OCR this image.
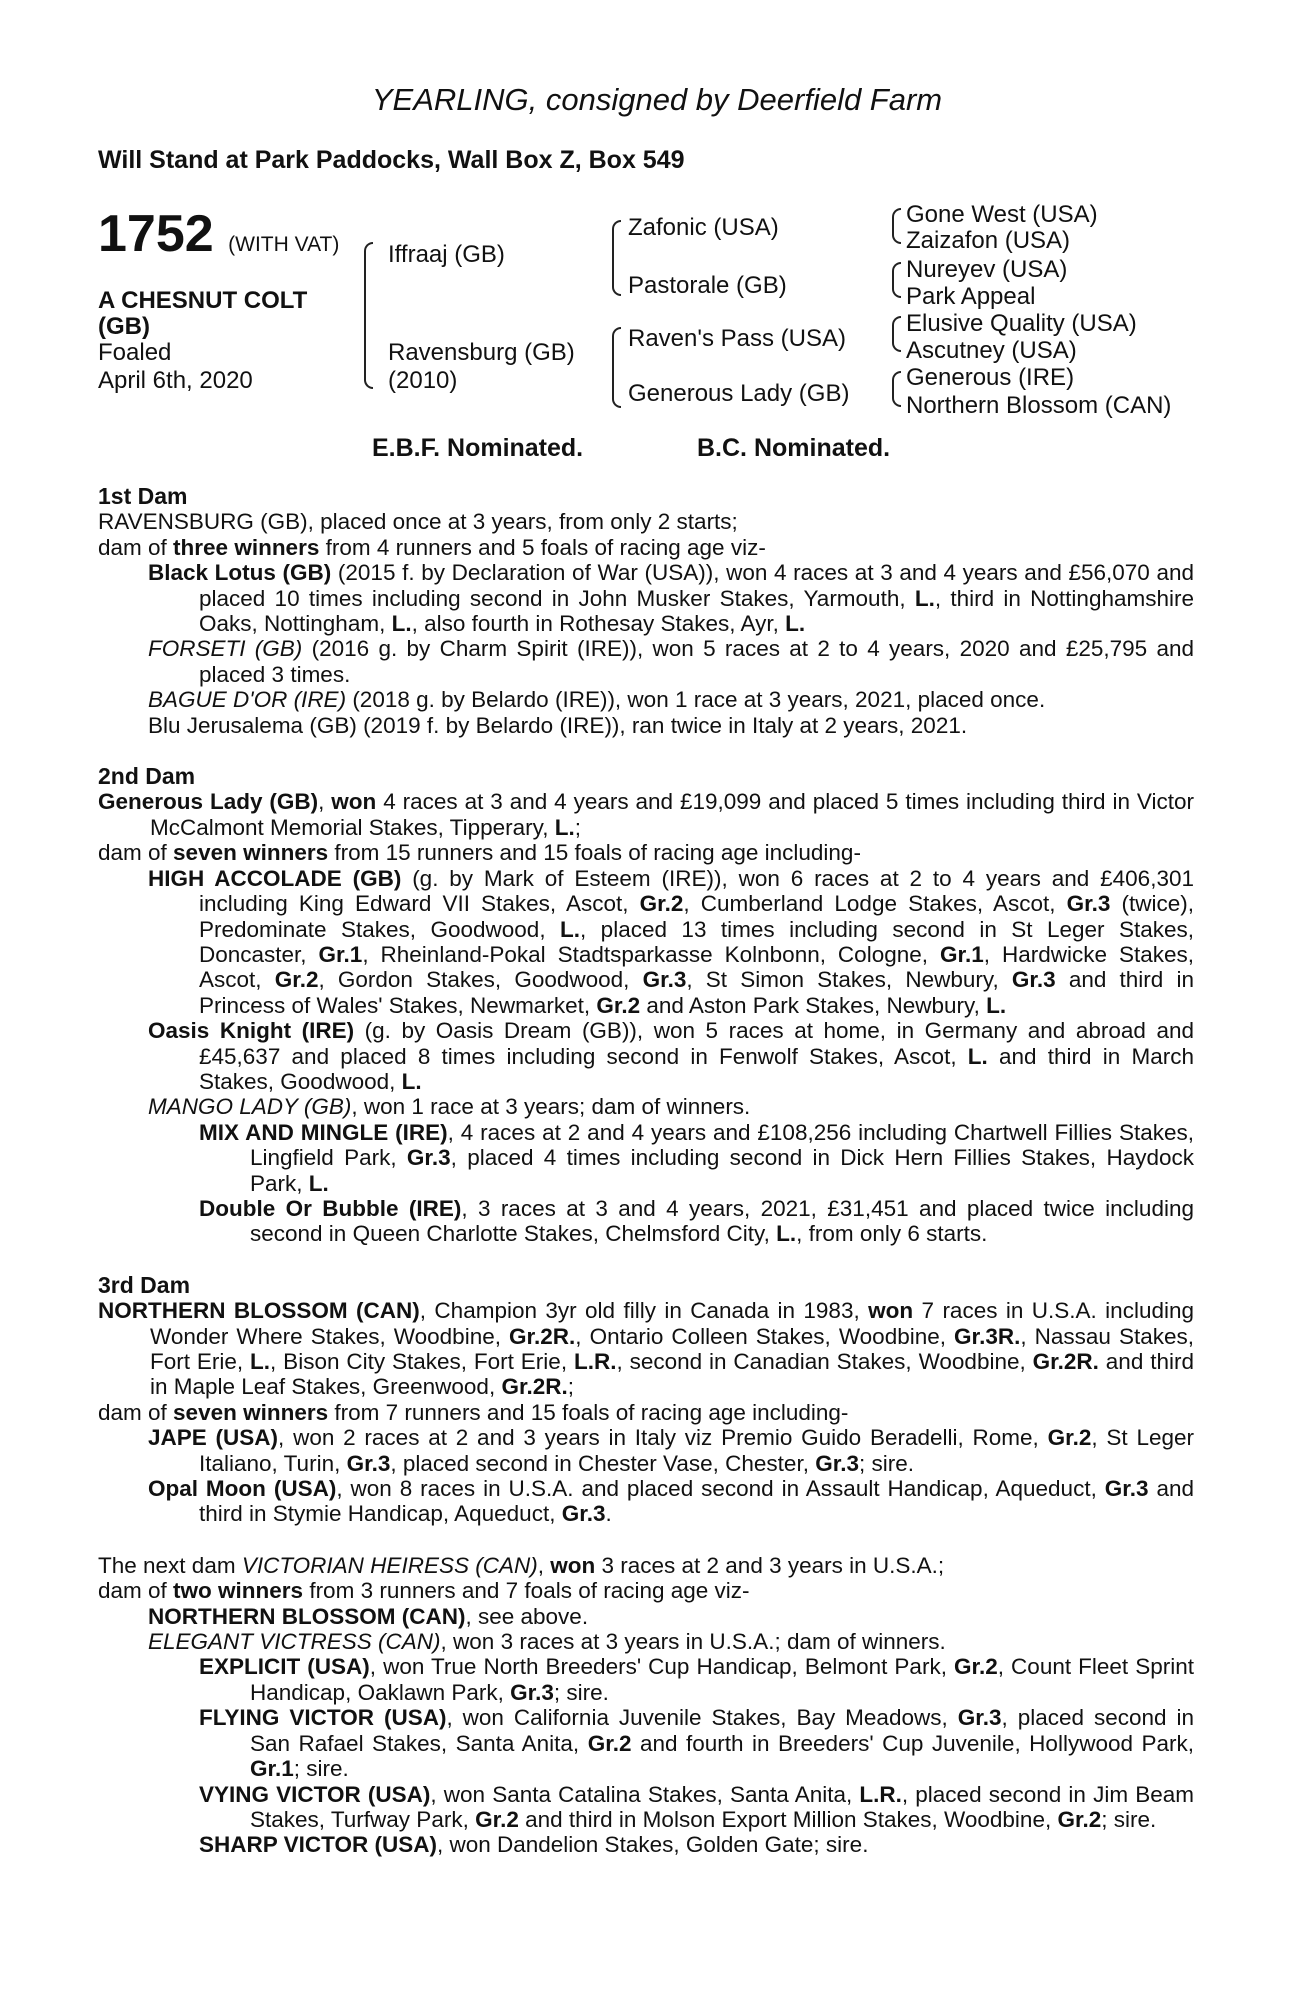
YEARLING, consigned by Deerfield Farm
Will Stand at Park Paddocks, Wall Box Z, Box 549
1752 (WITH VAT)
A CHESNUT COLT
(GB)
Foaled
April 6th, 2020
Iffraaj (GB)
Ravensburg (GB)
(2010)
Zafonic (USA)
Pastorale (GB)
Raven's Pass (USA)
Generous Lady (GB)
Gone West (USA)
Zaizafon (USA)
Nureyev (USA)
Park Appeal
Elusive Quality (USA)
Ascutney (USA)
Generous (IRE)
Northern Blossom (CAN)
E.B.F. Nominated.	B.C. Nominated.
1st Dam
RAVENSBURG (GB), placed once at 3 years, from only 2 starts;
dam of three winners from 4 runners and 5 foals of racing age viz-
Black Lotus (GB) (2015 f. by Declaration of War (USA)), won 4 races at 3 and 4 years and £56,070 and placed 10 times including second in John Musker Stakes, Yarmouth, L., third in Nottinghamshire Oaks, Nottingham, L., also fourth in Rothesay Stakes, Ayr, L.
FORSETI (GB) (2016 g. by Charm Spirit (IRE)), won 5 races at 2 to 4 years, 2020 and £25,795 and placed 3 times.
BAGUE D'OR (IRE) (2018 g. by Belardo (IRE)), won 1 race at 3 years, 2021, placed once.
Blu Jerusalema (GB) (2019 f. by Belardo (IRE)), ran twice in Italy at 2 years, 2021.
2nd Dam
Generous Lady (GB), won 4 races at 3 and 4 years and £19,099 and placed 5 times including third in Victor McCalmont Memorial Stakes, Tipperary, L.;
dam of seven winners from 15 runners and 15 foals of racing age including-
HIGH ACCOLADE (GB) (g. by Mark of Esteem (IRE)), won 6 races at 2 to 4 years and £406,301 including King Edward VII Stakes, Ascot, Gr.2, Cumberland Lodge Stakes, Ascot, Gr.3 (twice), Predominate Stakes, Goodwood, L., placed 13 times including second in St Leger Stakes, Doncaster, Gr.1, Rheinland-Pokal Stadtsparkasse Kolnbonn, Cologne, Gr.1, Hardwicke Stakes, Ascot, Gr.2, Gordon Stakes, Goodwood, Gr.3, St Simon Stakes, Newbury, Gr.3 and third in Princess of Wales' Stakes, Newmarket, Gr.2 and Aston Park Stakes, Newbury, L.
Oasis Knight (IRE) (g. by Oasis Dream (GB)), won 5 races at home, in Germany and abroad and £45,637 and placed 8 times including second in Fenwolf Stakes, Ascot, L. and third in March Stakes, Goodwood, L.
MANGO LADY (GB), won 1 race at 3 years; dam of winners.
MIX AND MINGLE (IRE), 4 races at 2 and 4 years and £108,256 including Chartwell Fillies Stakes, Lingfield Park, Gr.3, placed 4 times including second in Dick Hern Fillies Stakes, Haydock Park, L.
Double Or Bubble (IRE), 3 races at 3 and 4 years, 2021, £31,451 and placed twice including second in Queen Charlotte Stakes, Chelmsford City, L., from only 6 starts.
3rd Dam
NORTHERN BLOSSOM (CAN), Champion 3yr old filly in Canada in 1983, won 7 races in U.S.A. including Wonder Where Stakes, Woodbine, Gr.2R., Ontario Colleen Stakes, Woodbine, Gr.3R., Nassau Stakes, Fort Erie, L., Bison City Stakes, Fort Erie, L.R., second in Canadian Stakes, Woodbine, Gr.2R. and third in Maple Leaf Stakes, Greenwood, Gr.2R.;
dam of seven winners from 7 runners and 15 foals of racing age including-
JAPE (USA), won 2 races at 2 and 3 years in Italy viz Premio Guido Beradelli, Rome, Gr.2, St Leger Italiano, Turin, Gr.3, placed second in Chester Vase, Chester, Gr.3; sire.
Opal Moon (USA), won 8 races in U.S.A. and placed second in Assault Handicap, Aqueduct, Gr.3 and third in Stymie Handicap, Aqueduct, Gr.3.
The next dam VICTORIAN HEIRESS (CAN), won 3 races at 2 and 3 years in U.S.A.;
dam of two winners from 3 runners and 7 foals of racing age viz-
NORTHERN BLOSSOM (CAN), see above.
ELEGANT VICTRESS (CAN), won 3 races at 3 years in U.S.A.; dam of winners.
EXPLICIT (USA), won True North Breeders' Cup Handicap, Belmont Park, Gr.2, Count Fleet Sprint Handicap, Oaklawn Park, Gr.3; sire.
FLYING VICTOR (USA), won California Juvenile Stakes, Bay Meadows, Gr.3, placed second in San Rafael Stakes, Santa Anita, Gr.2 and fourth in Breeders' Cup Juvenile, Hollywood Park, Gr.1; sire.
VYING VICTOR (USA), won Santa Catalina Stakes, Santa Anita, L.R., placed second in Jim Beam Stakes, Turfway Park, Gr.2 and third in Molson Export Million Stakes, Woodbine, Gr.2; sire.
SHARP VICTOR (USA), won Dandelion Stakes, Golden Gate; sire.
